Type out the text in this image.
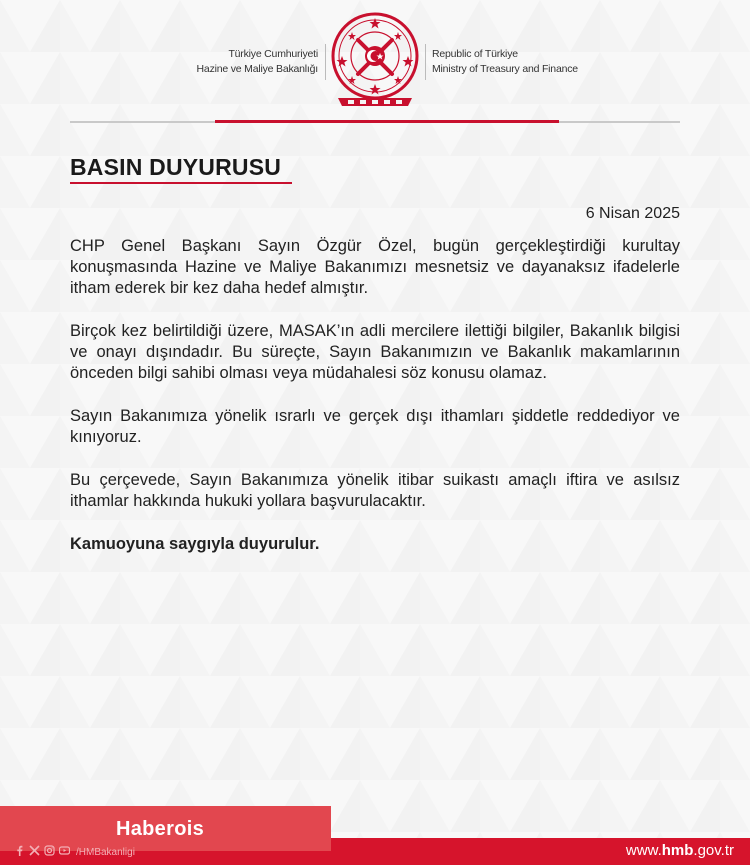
Türkiye Cumhuriyeti
Hazine ve Maliye Bakanlığı
Republic of Türkiye
Ministry of Treasury and Finance
BASIN DUYURUSU
6 Nisan 2025

CHP Genel Başkanı Sayın Özgür Özel, bugün gerçekleştirdiği kurultay konuşmasında Hazine ve Maliye Bakanımızı mesnetsiz ve dayanaksız ifadelerle itham ederek bir kez daha hedef almıştır.

Birçok kez belirtildiği üzere, MASAK’ın adli mercilere ilettiği bilgiler, Bakanlık bilgisi ve onayı dışındadır. Bu süreçte, Sayın Bakanımızın ve Bakanlık makamlarının önceden bilgi sahibi olması veya müdahalesi söz konusu olamaz.

Sayın Bakanımıza yönelik ısrarlı ve gerçek dışı ithamları şiddetle reddediyor ve kınıyoruz.

Bu çerçevede, Sayın Bakanımıza yönelik itibar suikastı amaçlı iftira ve asılsız ithamlar hakkında hukuki yollara başvurulacaktır.

Kamuoyuna saygıyla duyurulur.

Haberois
/HMBakanligi	www.hmb.gov.tr
